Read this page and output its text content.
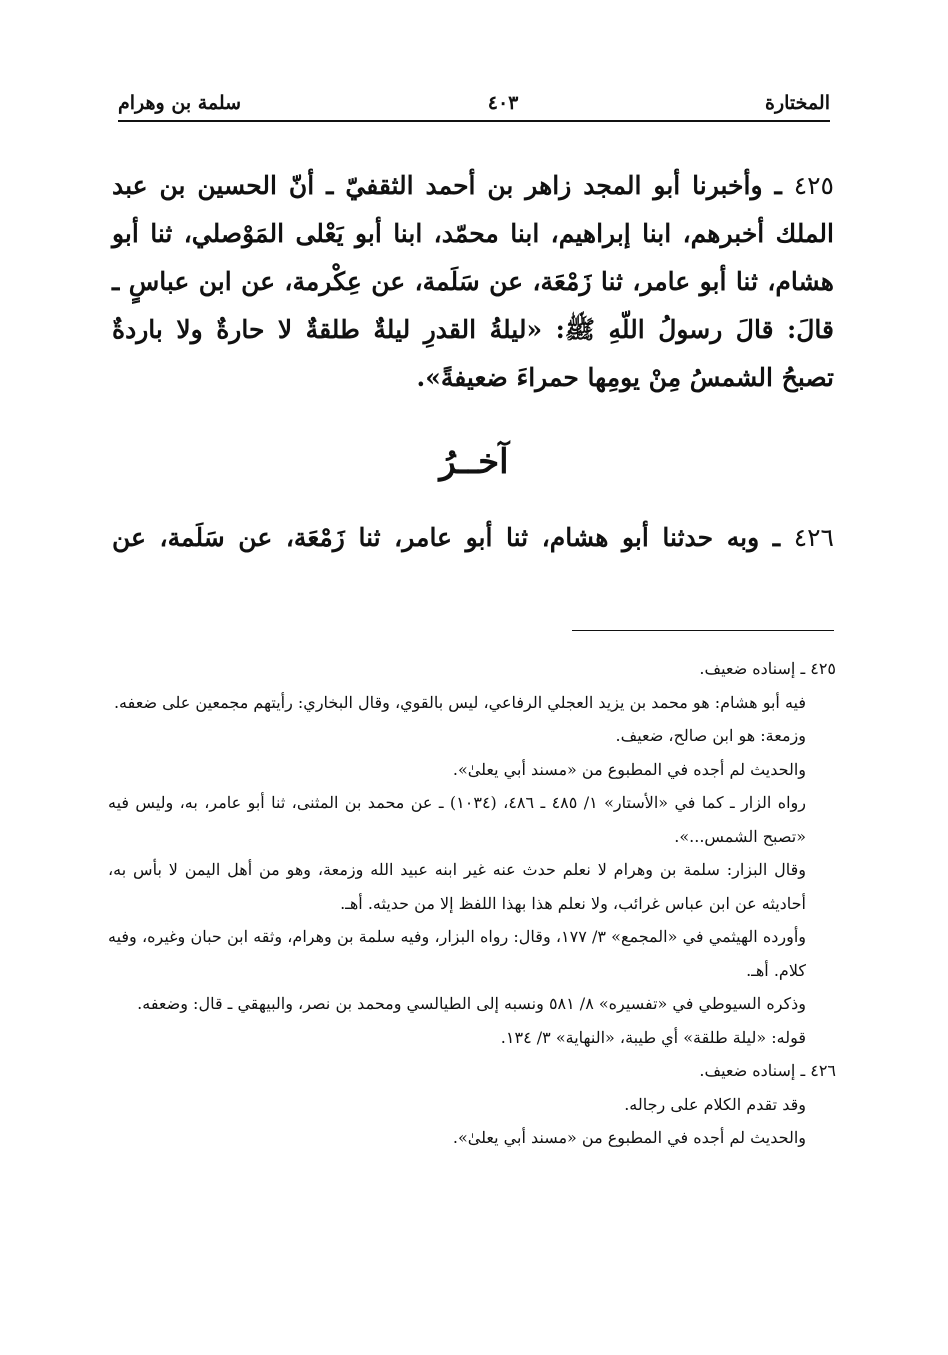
المختارة
٤٠٣
سلمة بن وهرام

٤٢٥ ـ وأخبرنا أبو المجد زاهر بن أحمد الثقفيّ ـ أنّ الحسين بن عبد الملك أخبرهم، ابنا إبراهيم، ابنا محمّد، ابنا أبو يَعْلى المَوْصلي، ثنا أبو هشام، ثنا أبو عامر، ثنا زَمْعَة، عن سَلَمة، عن عِكْرمة، عن ابن عباسٍ ـ قالَ: قالَ رسولُ اللّهِ ﷺ: «ليلةُ القدرِ ليلةٌ طلقةٌ لا حارةٌ ولا باردةٌ تصبحُ الشمسُ مِنْ يومِها حمراءَ ضعيفةً».

آخــرُ

٤٢٦ ـ وبه حدثنا أبو هشام، ثنا أبو عامر، ثنا زَمْعَة، عن سَلَمة، عن

٤٢٥ ـ إسناده ضعيف.

فيه أبو هشام: هو محمد بن يزيد العجلي الرفاعي، ليس بالقوي، وقال البخاري: رأيتهم مجمعين على ضعفه.

وزمعة: هو ابن صالح، ضعيف.

والحديث لم أجده في المطبوع من «مسند أبي يعلىٰ».

رواه الزار ـ كما في «الأستار» ١/ ٤٨٥ ـ ٤٨٦، (١٠٣٤) ـ عن محمد بن المثنى، ثنا أبو عامر، به، وليس فيه «تصبح الشمس...».

وقال البزار: سلمة بن وهرام لا نعلم حدث عنه غير ابنه عبيد الله وزمعة، وهو من أهل اليمن لا بأس به، أحاديثه عن ابن عباس غرائب، ولا نعلم هذا بهذا اللفظ إلا من حديثه. أهـ.

وأورده الهيثمي في «المجمع» ٣/ ١٧٧، وقال: رواه البزار، وفيه سلمة بن وهرام، وثقه ابن حبان وغيره، وفيه كلام. أهـ.

وذكره السيوطي في «تفسيره» ٨/ ٥٨١ ونسبه إلى الطيالسي ومحمد بن نصر، والبيهقي ـ قال: وضعفه.

قوله: «ليلة طلقة» أي طيبة، «النهاية» ٣/ ١٣٤.

٤٢٦ ـ إسناده ضعيف.

وقد تقدم الكلام على رجاله.

والحديث لم أجده في المطبوع من «مسند أبي يعلىٰ».
